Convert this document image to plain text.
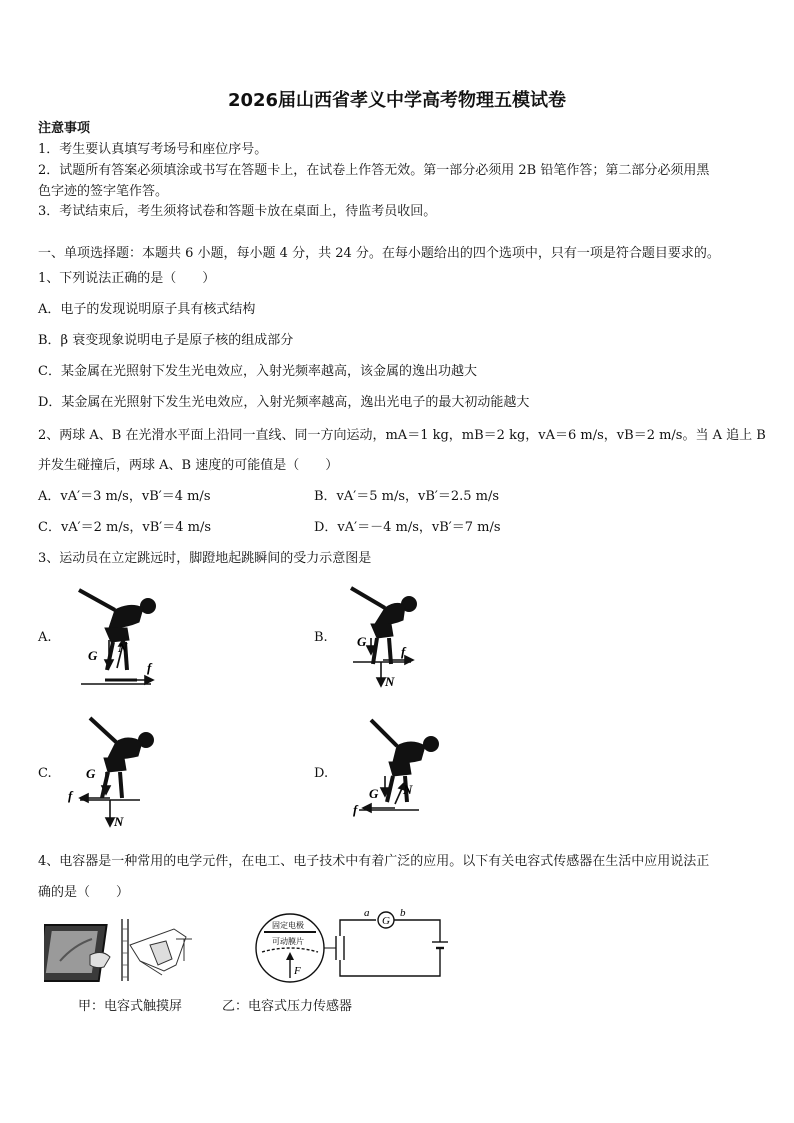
2026届山西省孝义中学高考物理五模试卷
注意事项
1．考生要认真填写考场号和座位序号。
2．试题所有答案必须填涂或书写在答题卡上，在试卷上作答无效。第一部分必须用 2B 铅笔作答；第二部分必须用黑
色字迹的签字笔作答。
3．考试结束后，考生须将试卷和答题卡放在桌面上，待监考员收回。
一、单项选择题：本题共 6 小题，每小题 4 分，共 24 分。在每小题给出的四个选项中，只有一项是符合题目要求的。
1、下列说法正确的是（　　）
A．电子的发现说明原子具有核式结构
B．β 衰变现象说明电子是原子核的组成部分
C．某金属在光照射下发生光电效应，入射光频率越高，该金属的逸出功越大
D．某金属在光照射下发生光电效应，入射光频率越高，逸出光电子的最大初动能越大
2、两球 A、B 在光滑水平面上沿同一直线、同一方向运动，mA＝1 kg，mB＝2 kg，vA＝6 m/s，vB＝2 m/s。当 A 追上 B
并发生碰撞后，两球 A、B 速度的可能值是（　　）
A．vA′＝3 m/s，vB′＝4 m/s	B．vA′＝5 m/s，vB′＝2.5 m/s
C．vA′＝2 m/s，vB′＝4 m/s	D．vA′＝－4 m/s，vB′＝7 m/s
3、运动员在立定跳远时，脚蹬地起跳瞬间的受力示意图是
A.	B.
C.	D.
G
N
f
G
N
f
G
N
f	G N
f
4、电容器是一种常用的电学元件，在电工、电子技术中有着广泛的应用。以下有关电容式传感器在生活中应用说法正
确的是（　　）
固定电极
可动膜片
F
G
a	b
甲：电容式触摸屏	乙：电容式压力传感器
